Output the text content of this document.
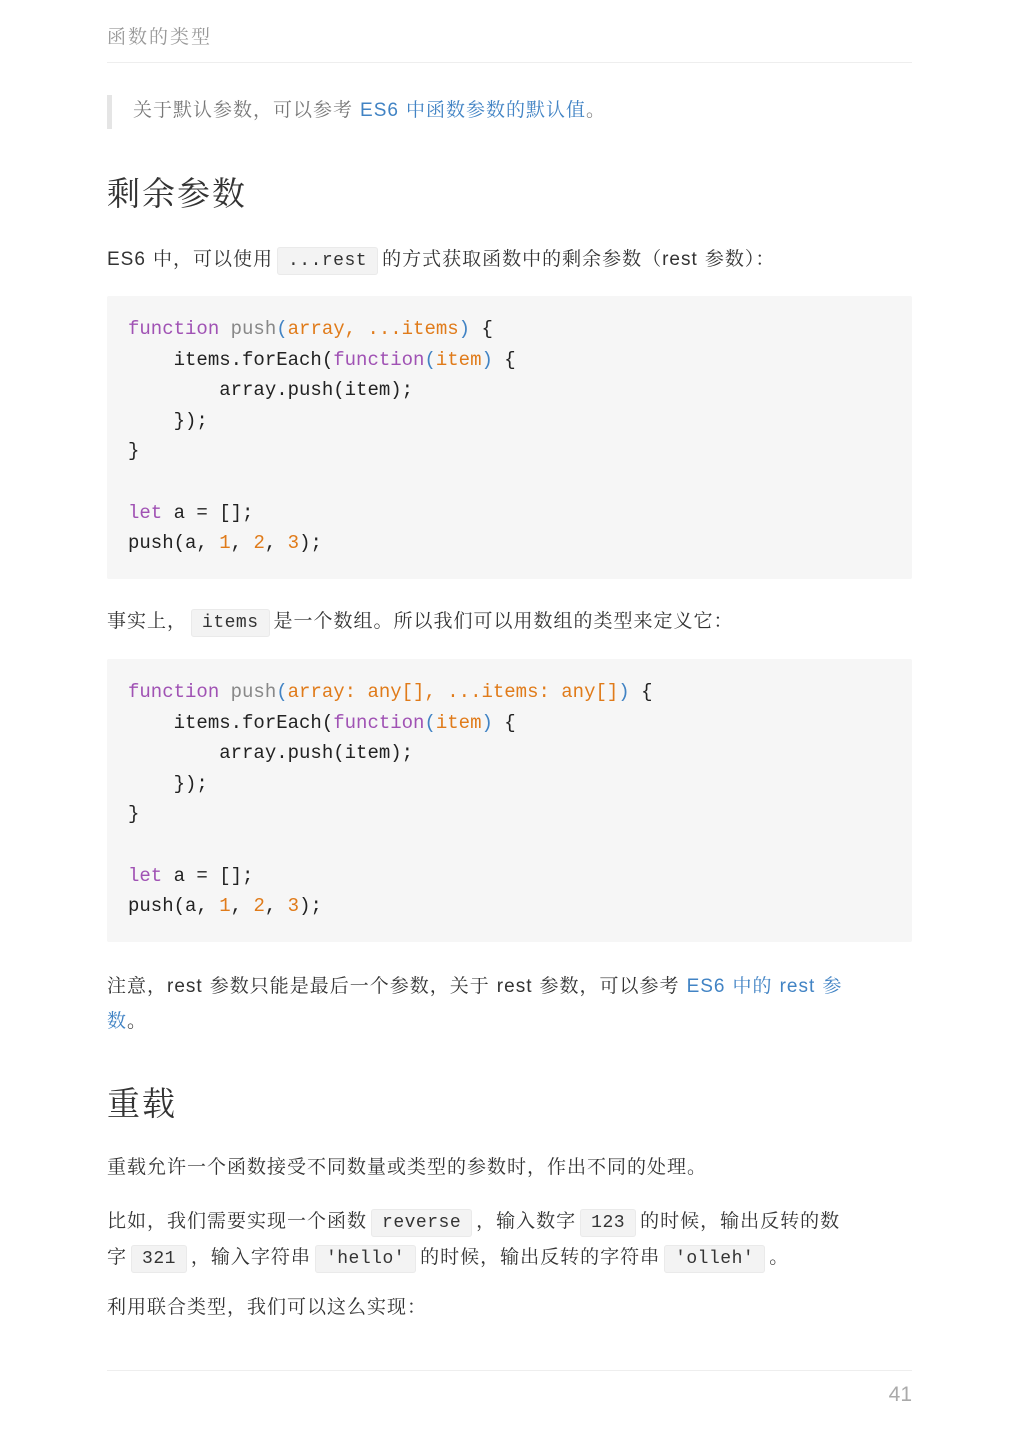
函数的类型
关于默认参数，可以参考 ES6 中函数参数的默认值。
剩余参数
ES6 中，可以使用 ...rest 的方式获取函数中的剩余参数（rest 参数）：
function push(array, ...items) {
items.forEach(function(item) {
array.push(item);
});
}

let a = [];
push(a, 1, 2, 3);
事实上， items 是一个数组。所以我们可以用数组的类型来定义它：
function push(array: any[], ...items: any[]) {
items.forEach(function(item) {
array.push(item);
});
}

let a = [];
push(a, 1, 2, 3);
注意，rest 参数只能是最后一个参数，关于 rest 参数，可以参考 ES6 中的 rest 参
数。
重载
重载允许一个函数接受不同数量或类型的参数时，作出不同的处理。
比如，我们需要实现一个函数 reverse ，输入数字 123 的时候，输出反转的数
字 321 ，输入字符串 'hello' 的时候，输出反转的字符串 'olleh' 。
利用联合类型，我们可以这么实现：
41
